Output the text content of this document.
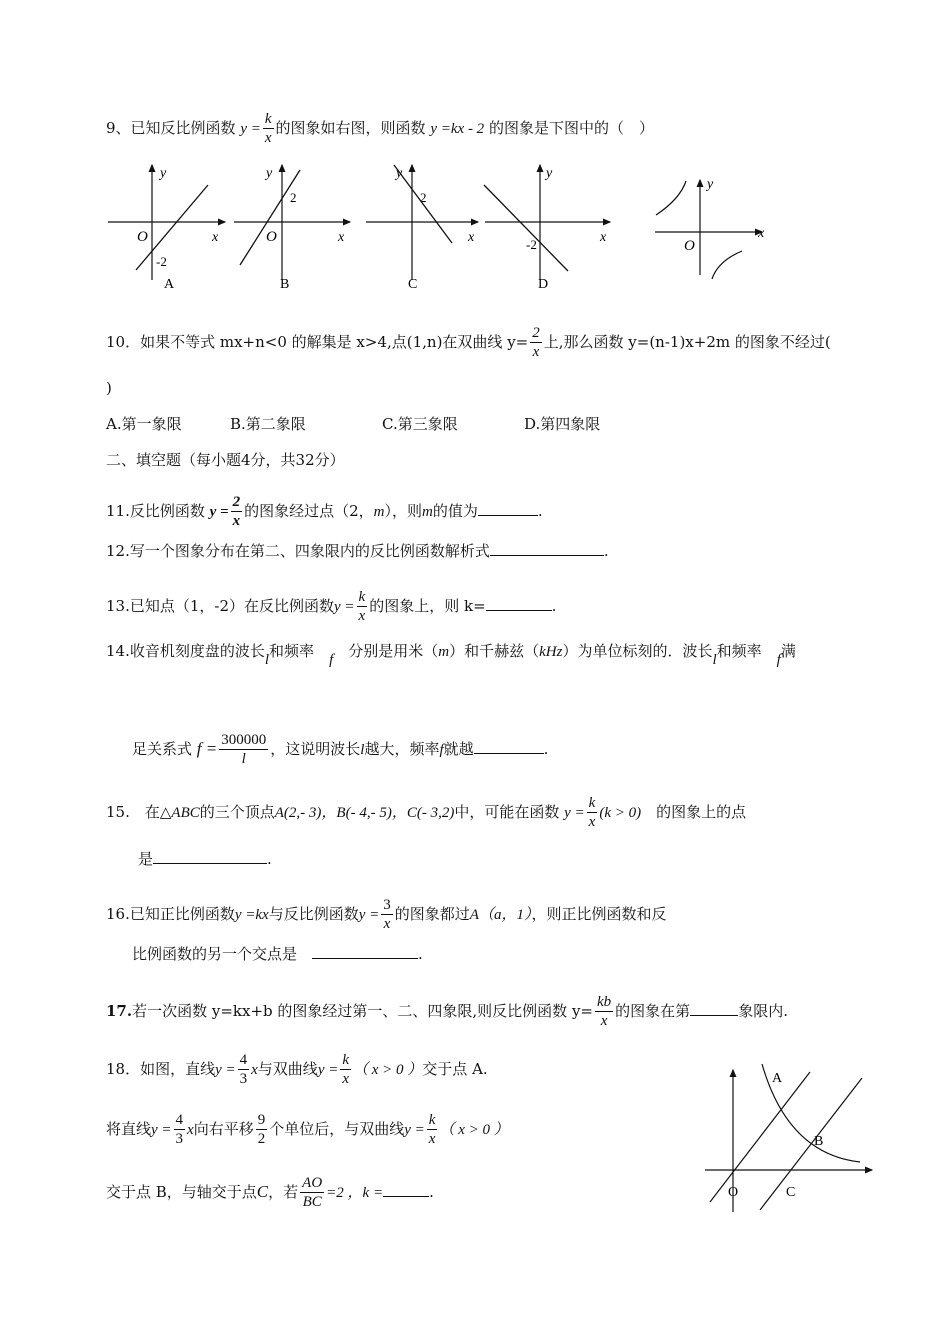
9、已知反比例函数 $y = \frac{k}{x}$ 的图象如右图，则函数 y =kx - 2 的图象是下图中的（　）
y
x
O
-2
A
y
x
O
2
B
y
x
2
C
y
x
-2
D
y
x
O
10．如果不等式 mx+n<0 的解集是 x>4,点(1,n)在双曲线 $y= \frac{2}{x}$ 上,那么函数 y=(n-1)x+2m 的图象不经过(
)
A.第一象限	B.第二象限	C.第三象限	D.第四象限
二、填空题（每小题4分，共32分）
11.反比例函数 $y = \frac{2}{x}$ 的图象经过点（2，m），则m的值为	.
12.写一个图象分布在第二、四象限内的反比例函数解析式	.
13.已知点（1，-2）在反比例函数$y = \frac{k}{x}$ 的图象上，则 k=	.
14.收音机刻度盘的波长l和频率　 f　 分别是用米（m）和千赫兹（kHz）为单位标刻的．波长l和频率　 f满
足关系式 $f = \frac{300000}{l}$ ，这说明波长l越大，频率f就越	.
15.　在△ABC的三个顶点A(2,- 3)，B(- 4,- 5)，C(- 3,2)中，可能在函数 $y = \frac{k}{x} (k > 0)$　 的图象上的点
是	.
16.已知正比例函数y =kx与反比例函数$y = \frac{3}{x}$ 的图象都过A（a，1），则正比例函数和反
比例函数的另一个交点是　	.
17.若一次函数 y=kx+b 的图象经过第一、二、四象限,则反比例函数 $y= \frac{kb}{x}$ 的图象在第	象限内.
18．如图，直线$y = \frac{4}{3}$ x与双曲线$y = \frac{k}{x}$ （ x > 0 ）交于点 A.
将直线$y = \frac{4}{3}$ x向右平移 $\frac{9}{2}$ 个单位后，与双曲线$y = \frac{k}{x}$ （ x > 0 ）
交于点 B，与轴交于点C，若 $\frac{AO}{BC} =2$ ，k =	.
A
B
O	C
